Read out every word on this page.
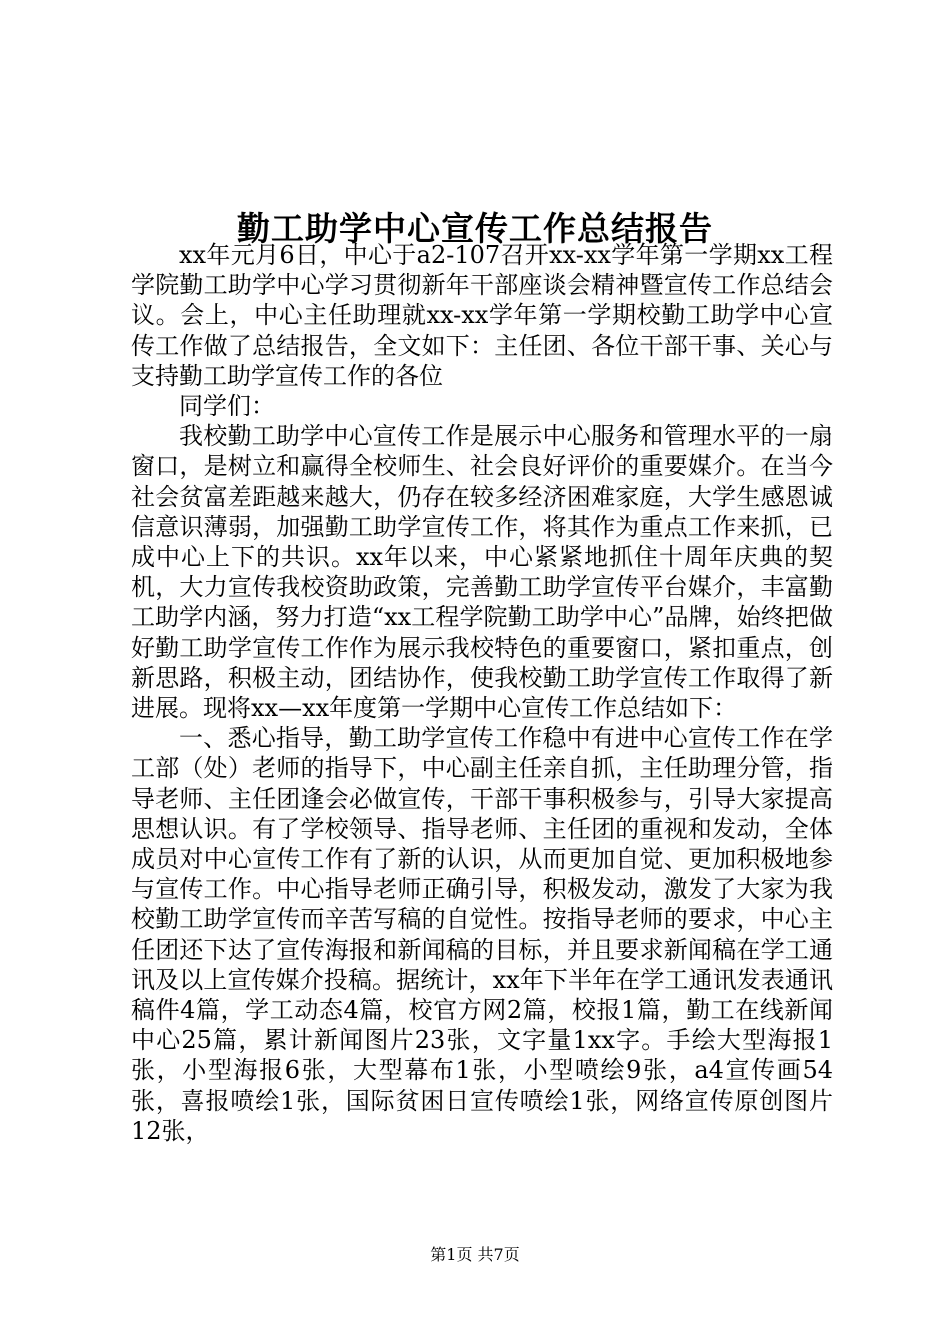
勤工助学中心宣传工作总结报告

xx年元月6日，中心于a2-107召开xx-xx学年第一学期xx工程学院勤工助学中心学习贯彻新年干部座谈会精神暨宣传工作总结会议。会上，中心主任助理就xx-xx学年第一学期校勤工助学中心宣传工作做了总结报告，全文如下：主任团、各位干部干事、关心与支持勤工助学宣传工作的各位

同学们：

我校勤工助学中心宣传工作是展示中心服务和管理水平的一扇窗口，是树立和赢得全校师生、社会良好评价的重要媒介。在当今社会贫富差距越来越大，仍存在较多经济困难家庭，大学生感恩诚信意识薄弱，加强勤工助学宣传工作，将其作为重点工作来抓，已成中心上下的共识。xx年以来，中心紧紧地抓住十周年庆典的契机，大力宣传我校资助政策，完善勤工助学宣传平台媒介，丰富勤工助学内涵，努力打造“xx工程学院勤工助学中心”品牌，始终把做好勤工助学宣传工作作为展示我校特色的重要窗口，紧扣重点，创新思路，积极主动，团结协作，使我校勤工助学宣传工作取得了新进展。现将xx—xx年度第一学期中心宣传工作总结如下：

一、悉心指导，勤工助学宣传工作稳中有进中心宣传工作在学工部（处）老师的指导下，中心副主任亲自抓，主任助理分管，指导老师、主任团逢会必做宣传，干部干事积极参与，引导大家提高思想认识。有了学校领导、指导老师、主任团的重视和发动，全体成员对中心宣传工作有了新的认识，从而更加自觉、更加积极地参与宣传工作。中心指导老师正确引导，积极发动，激发了大家为我校勤工助学宣传而辛苦写稿的自觉性。按指导老师的要求，中心主任团还下达了宣传海报和新闻稿的目标，并且要求新闻稿在学工通讯及以上宣传媒介投稿。据统计，xx年下半年在学工通讯发表通讯稿件4篇，学工动态4篇，校官方网2篇，校报1篇，勤工在线新闻中心25篇，累计新闻图片23张，文字量1xx字。手绘大型海报1张，小型海报6张，大型幕布1张，小型喷绘9张，a4宣传画54张，喜报喷绘1张，国际贫困日宣传喷绘1张，网络宣传原创图片12张，

第1页 共7页
